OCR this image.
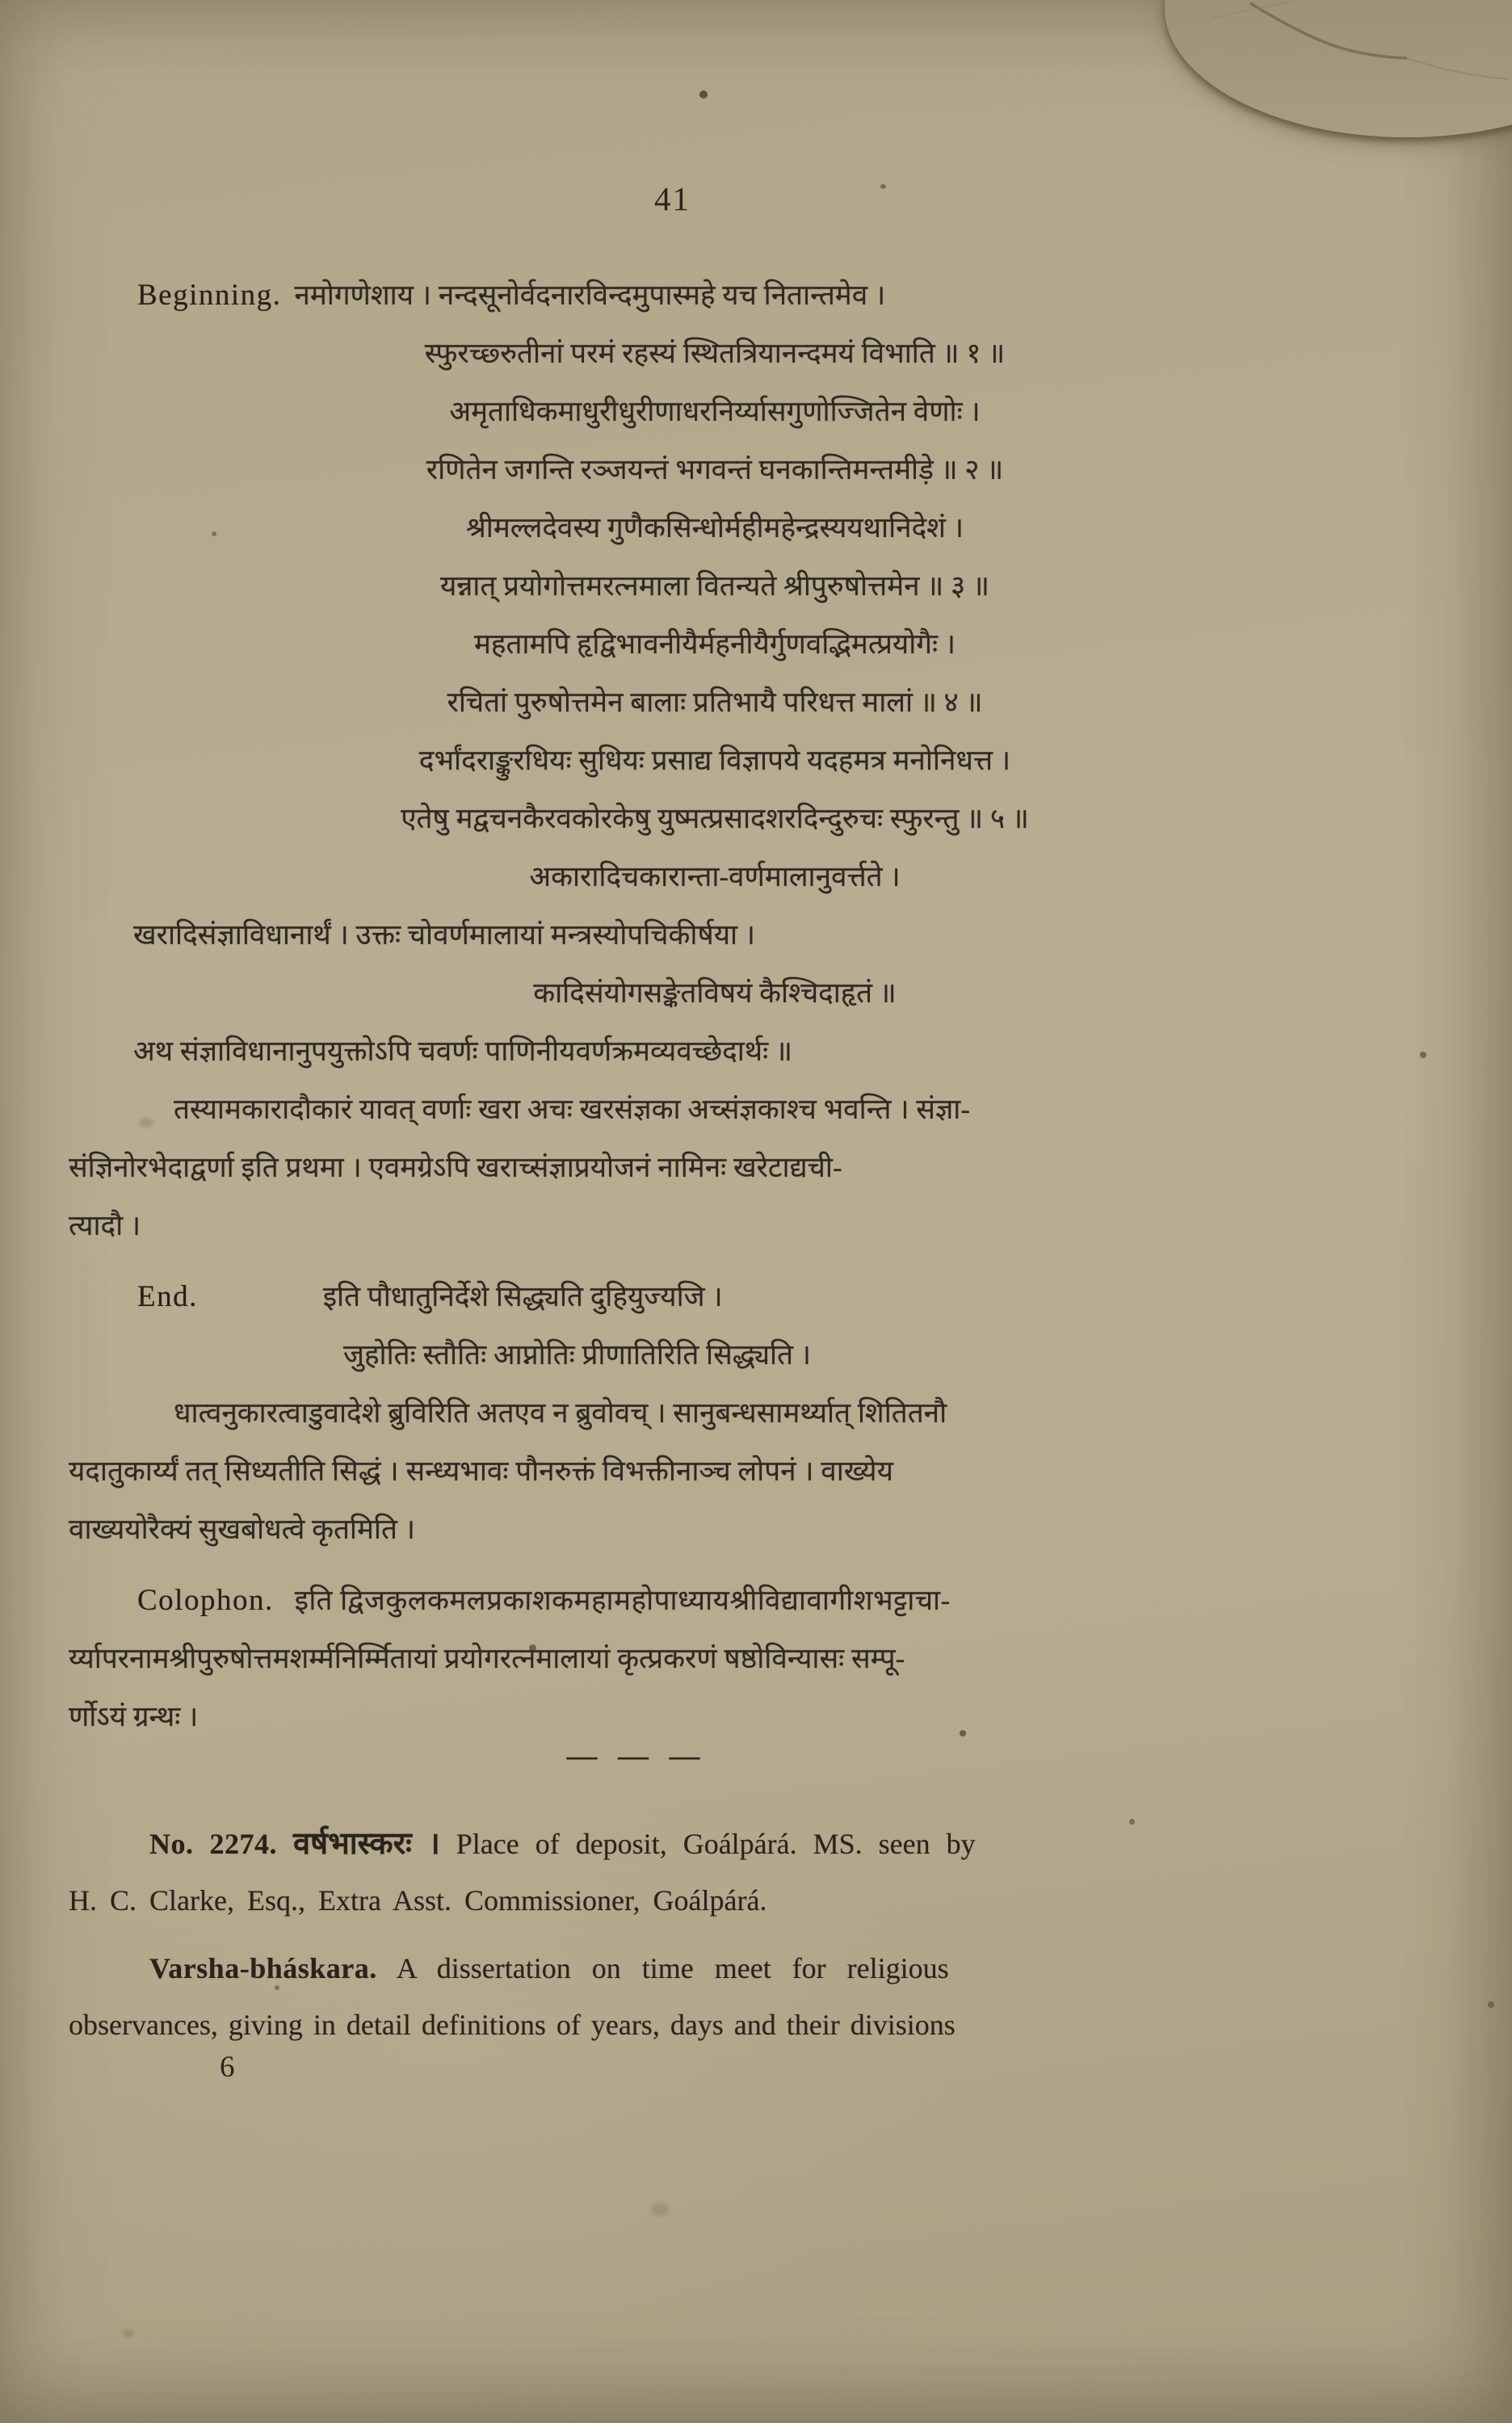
41
Beginning. नमोगणेशाय । नन्दसूनोर्वदनारविन्दमुपास्महे यच नितान्तमेव ।
स्फुरच्छ्रुतीनां परमं रहस्यं स्थितत्रियानन्दमयं विभाति ॥ १ ॥
अमृताधिकमाधुरीधुरीणाधरनिर्य्यासगुणोज्जितेन वेणोः ।
रणितेन जगन्ति रञ्जयन्तं भगवन्तं घनकान्तिमन्तमीड़े ॥ २ ॥
श्रीमल्लदेवस्य गुणैकसिन्धोर्महीमहेन्द्रस्ययथानिदेशं ।
यन्नात् प्रयोगोत्तमरत्नमाला वितन्यते श्रीपुरुषोत्तमेन ॥ ३ ॥
महतामपि हृद्विभावनीयैर्महनीयैर्गुणवद्भिमत्प्रयोगैः ।
रचितां पुरुषोत्तमेन बालाः प्रतिभायै परिधत्त मालां ॥ ४ ॥
दर्भांदराङ्कुरधियः सुधियः प्रसाद्य विज्ञापये यदहमत्र मनोनिधत्त ।
एतेषु मद्वचनकैरवकोरकेषु युष्मत्प्रसादशरदिन्दुरुचः स्फुरन्तु ॥ ५ ॥
अकारादिचकारान्ता-वर्णमालानुवर्त्तते ।
खरादिसंज्ञाविधानार्थं । उक्तः चोवर्णमालायां मन्त्रस्योपचिकीर्षया ।
कादिसंयोगसङ्केतविषयं कैश्चिदाहृतं ॥
अथ संज्ञाविधानानुपयुक्तोऽपि चवर्णः पाणिनीयवर्णक्रमव्यवच्छेदार्थः ॥
तस्यामकारादौकारं यावत् वर्णाः खरा अचः खरसंज्ञका अच्संज्ञकाश्च भवन्ति । संज्ञा-
संज्ञिनोरभेदाद्वर्णा इति प्रथमा । एवमग्रेऽपि खराच्संज्ञाप्रयोजनं नामिनः खरेटाद्यची-
त्यादौ ।
End.	इति पौधातुनिर्देशे सिद्ध्यति दुहियुज्यजि ।
जुहोतिः स्तौतिः आप्नोतिः प्रीणातिरिति सिद्ध्यति ।
धात्वनुकारत्वाडुवादेशे ब्रुविरिति अतएव न ब्रुवोवच् । सानुबन्धसामर्थ्यात् शितितनौ
यदातुकार्य्यं तत् सिध्यतीति सिद्धं । सन्ध्यभावः पौनरुक्तं विभक्तीनाञ्च लोपनं । वाख्येय
वाख्ययोरैक्यं सुखबोधत्वे कृतमिति ।
Colophon. इति द्विजकुलकमलप्रकाशकमहामहोपाध्यायश्रीविद्यावागीशभट्टाचा-
र्य्यापरनामश्रीपुरुषोत्तमशर्म्मनिर्म्मितायां प्रयोगरत्नमालायां कृत्प्रकरणं षष्ठोविन्यासः सम्पू-
र्णोऽयं ग्रन्थः ।
— — —
No. 2274. वर्षभास्करः । Place of deposit, Goálpárá. MS. seen by
H. C. Clarke, Esq., Extra Asst. Commissioner, Goálpárá.
Varsha-bháskara. A dissertation on time meet for religious
observances, giving in detail definitions of years, days and their divisions
6
